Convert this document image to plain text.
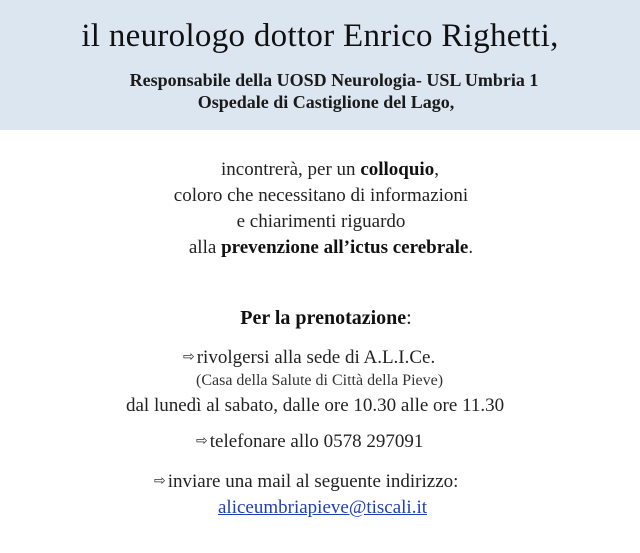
il neurologo dottor Enrico Righetti,
Responsabile della UOSD Neurologia- USL Umbria 1
Ospedale di Castiglione del Lago,
incontrerà, per un colloquio,
coloro che necessitano di informazioni
e chiarimenti riguardo
alla prevenzione all’ictus cerebrale.
Per la prenotazione:
⇨ rivolgersi alla sede di A.L.I.Ce.
(Casa della Salute di Città della Pieve)
dal lunedì al sabato, dalle ore 10.30 alle ore 11.30
⇨ telefonare allo 0578 297091
⇨ inviare una mail al seguente indirizzo:
aliceumbriapieve@tiscali.it
